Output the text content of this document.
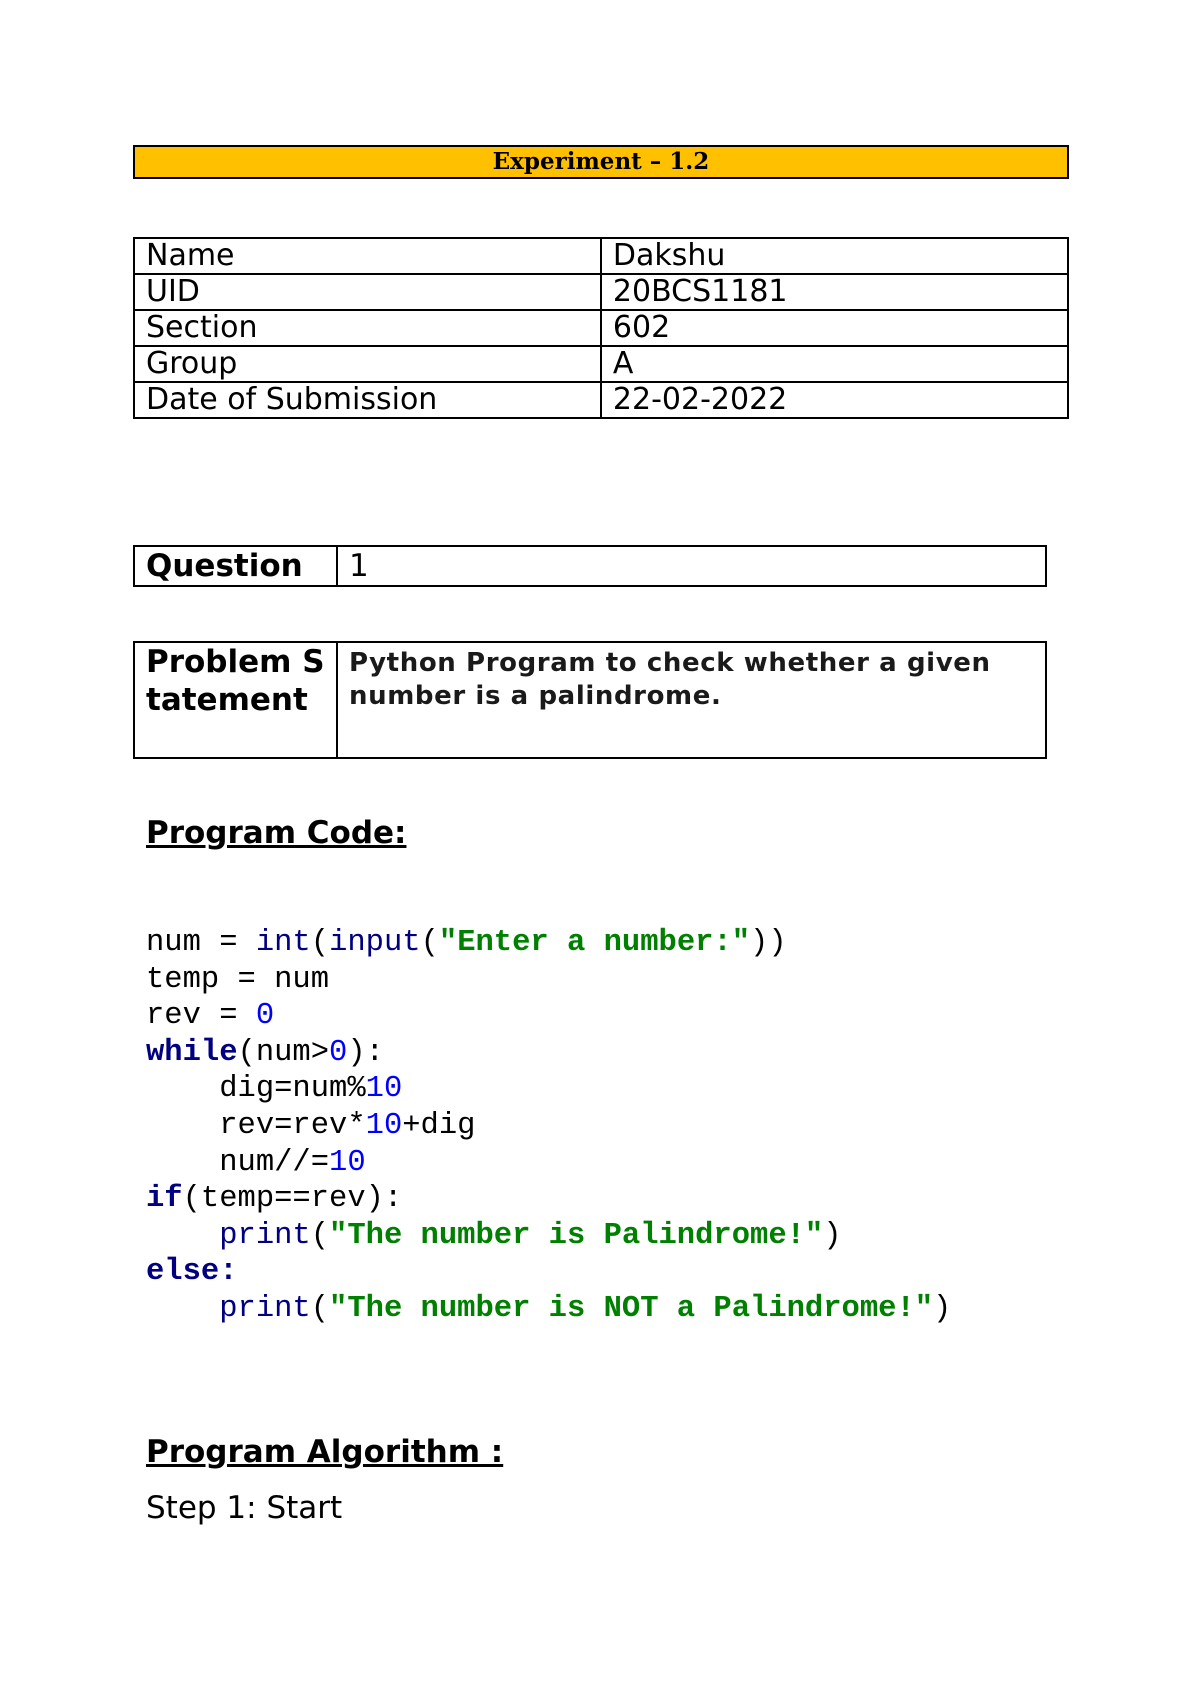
Experiment – 1.2
Name	Dakshu
UID	20BCS1181
Section	602
Group	A
Date of Submission	22-02-2022
Question	1
Problem Statement	Python Program to check whether a given number is a palindrome.
Program Code:
num = int(input("Enter a number:"))
temp = num
rev = 0
while(num>0):
dig=num%10
rev=rev*10+dig
num//=10
if(temp==rev):
print("The number is Palindrome!")
else:
print("The number is NOT a Palindrome!")
Program Algorithm :
Step 1: Start
